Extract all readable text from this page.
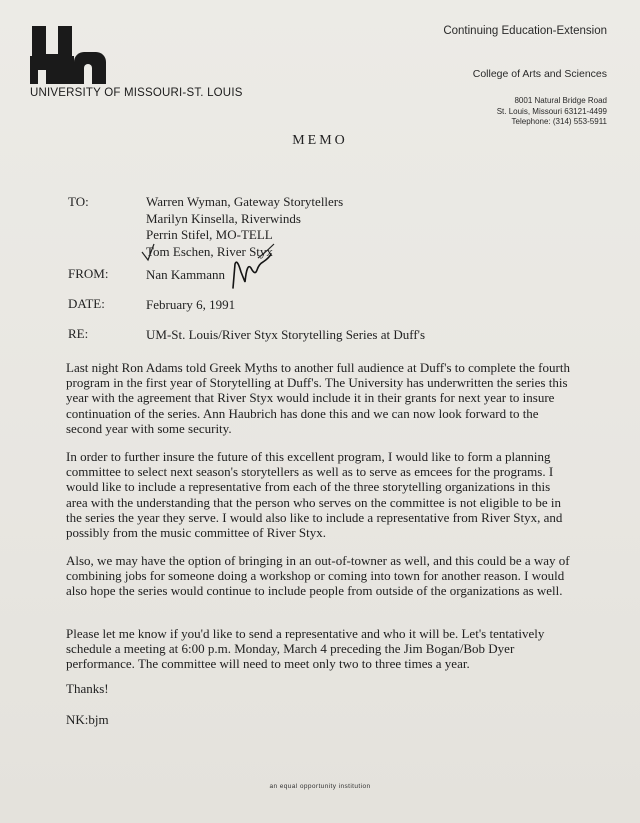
UNIVERSITY OF MISSOURI-ST. LOUIS
Continuing Education-Extension
College of Arts and Sciences
8001 Natural Bridge Road
St. Louis, Missouri 63121-4499
Telephone: (314) 553-5911
MEMO
TO:	Warren Wyman, Gateway Storytellers
Marilyn Kinsella, Riverwinds
Perrin Stifel, MO-TELL
Tom Eschen, River Styx
FROM:	Nan Kammann
DATE:	February 6, 1991
RE:	UM-St. Louis/River Styx Storytelling Series at Duff's
Last night Ron Adams told Greek Myths to another full audience at Duff's to complete the fourth program in the first year of Storytelling at Duff's. The University has underwritten the series this year with the agreement that River Styx would include it in their grants for next year to insure continuation of the series. Ann Haubrich has done this and we can now look forward to the second year with some security.
In order to further insure the future of this excellent program, I would like to form a planning committee to select next season's storytellers as well as to serve as emcees for the programs. I would like to include a representative from each of the three storytelling organizations in this area with the understanding that the person who serves on the committee is not eligible to be in the series the year they serve. I would also like to include a representative from River Styx, and possibly from the music committee of River Styx.
Also, we may have the option of bringing in an out-of-towner as well, and this could be a way of combining jobs for someone doing a workshop or coming into town for another reason. I would also hope the series would continue to include people from outside of the organizations as well.
Please let me know if you'd like to send a representative and who it will be. Let's tentatively schedule a meeting at 6:00 p.m. Monday, March 4 preceding the Jim Bogan/Bob Dyer performance. The committee will need to meet only two to three times a year.
Thanks!
NK:bjm
an equal opportunity institution
